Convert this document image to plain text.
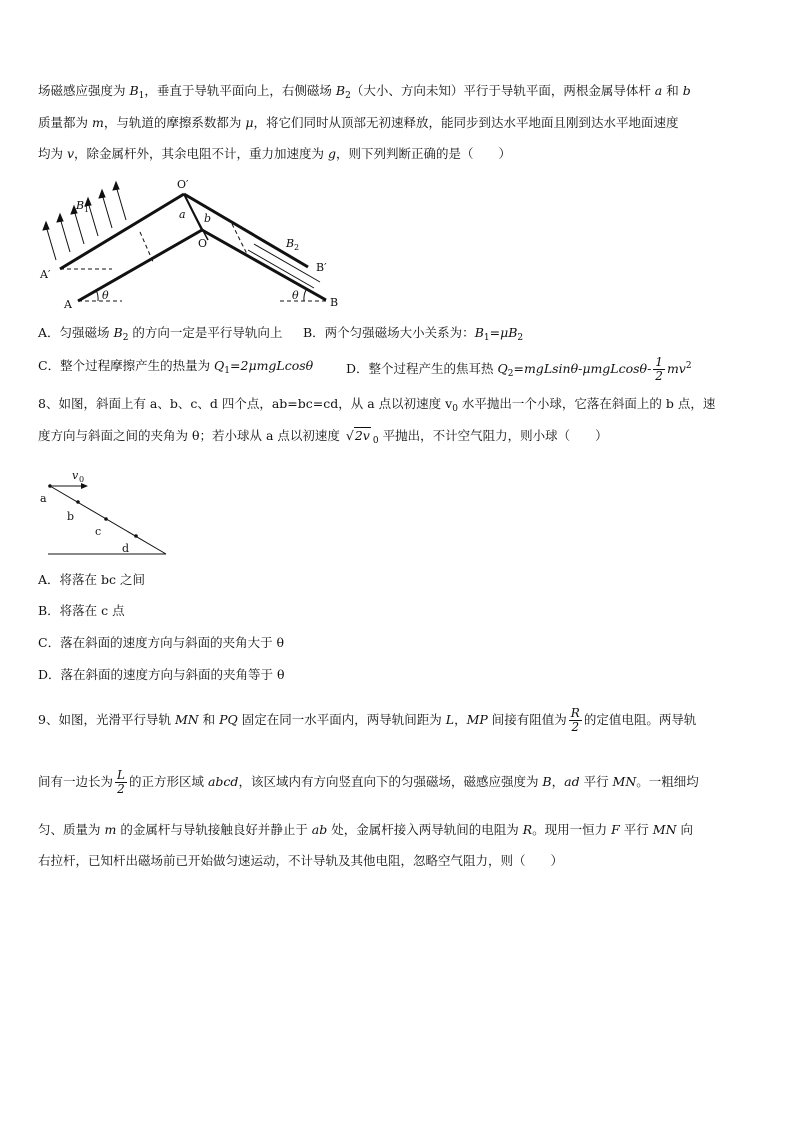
场磁感应强度为 $B_1$，垂直于导轨平面向上，右侧磁场 $B_2$（大小、方向未知）平行于导轨平面，两根金属导体杆 a 和 b
质量都为 m，与轨道的摩擦系数都为 μ，将它们同时从顶部无初速释放，能同步到达水平地面且刚到达水平地面速度
均为 v，除金属杆外，其余电阻不计，重力加速度为 g，则下列判断正确的是（　　）
O′
O
a b
B 1
B 2
A′
A
B′
B
θ	θ
A．匀强磁场 $B_2$ 的方向一定是平行导轨向上 B．两个匀强磁场大小关系为：$B_1=\mu B_2$
C．整个过程摩擦产生的热量为 $Q_1=2\mu mgLcos\theta$	D．整个过程产生的焦耳热 $Q_2=mgLsin\theta-\mu mgLcos\theta- \frac{1}{2} mv^2$
8、如图，斜面上有 a、b、c、d 四个点，ab=bc=cd，从 a 点以初速度 $v_0$ 水平抛出一个小球，它落在斜面上的 b 点，速
度方向与斜面之间的夹角为 θ；若小球从 a 点以初速度 √2v $_0$ 平抛出，不计空气阻力，则小球（　　）
v 0
a
b
c
d
A．将落在 bc 之间
B．将落在 c 点
C．落在斜面的速度方向与斜面的夹角大于 θ
D．落在斜面的速度方向与斜面的夹角等于 θ
9、如图，光滑平行导轨 MN 和 PQ 固定在同一水平面内，两导轨间距为 L，MP 间接有阻值为 $\frac{R}{2}$ 的定值电阻。两导轨
间有一边长为 $\frac{L}{2}$ 的正方形区域 abcd，该区域内有方向竖直向下的匀强磁场，磁感应强度为 B，ad 平行 MN。一粗细均
匀、质量为 m 的金属杆与导轨接触良好并静止于 ab 处，金属杆接入两导轨间的电阻为 R。现用一恒力 F 平行 MN 向
右拉杆，已知杆出磁场前已开始做匀速运动，不计导轨及其他电阻，忽略空气阻力，则（　　）
